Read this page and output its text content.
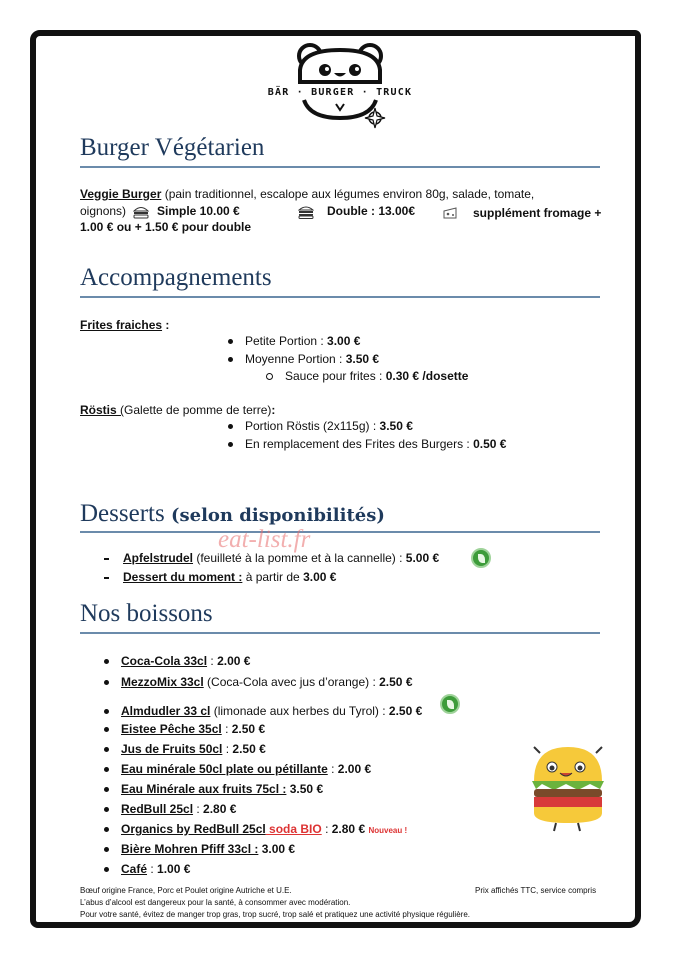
BÄR · BURGER · TRUCK
Burger Végétarien
Veggie Burger (pain traditionnel, escalope aux légumes environ 80g, salade, tomate,
oignons)	Simple 10.00 €	Double : 13.00€	supplément fromage +
1.00 € ou + 1.50 € pour double
Accompagnements
Frites fraiches :
Petite Portion : 3.00 €
Moyenne Portion : 3.50 €
Sauce pour frites : 0.30 € /dosette
Röstis (Galette de pomme de terre):
Portion Röstis (2x115g) : 3.50 €
En remplacement des Frites des Burgers : 0.50 €
Desserts (selon disponibilités)
Apfelstrudel (feuilleté à la pomme et à la cannelle) : 5.00 €
Dessert du moment : à partir de 3.00 €
eat-list.fr
Nos boissons
Coca-Cola 33cl : 2.00 €
MezzoMix 33cl (Coca-Cola avec jus d’orange) : 2.50 €
Almdudler 33 cl (limonade aux herbes du Tyrol) : 2.50 €
Eistee Pêche 35cl : 2.50 €
Jus de Fruits 50cl : 2.50 €
Eau minérale 50cl plate ou pétillante : 2.00 €
Eau Minérale aux fruits 75cl : 3.50 €
RedBull 25cl : 2.80 €
Organics by RedBull 25cl soda BIO : 2.80 € Nouveau !
Bière Mohren Pfiff 33cl : 3.00 €
Café : 1.00 €
Bœuf origine France, Porc et Poulet origine Autriche et U.E.	Prix affichés TTC, service compris
L’abus d’alcool est dangereux pour la santé, à consommer avec modération.
Pour votre santé, évitez de manger trop gras, trop sucré, trop salé et pratiquez une activité physique régulière.
